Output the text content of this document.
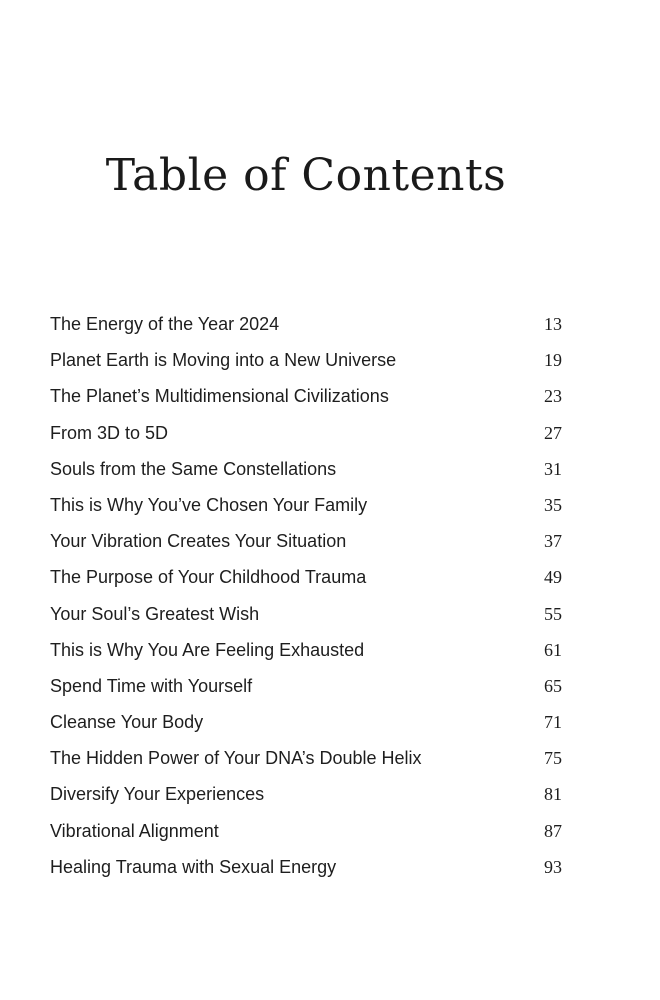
Table of Contents
The Energy of the Year 2024	13
Planet Earth is Moving into a New Universe	19
The Planet’s Multidimensional Civilizations	23
From 3D to 5D	27
Souls from the Same Constellations	31
This is Why You’ve Chosen Your Family	35
Your Vibration Creates Your Situation	37
The Purpose of Your Childhood Trauma	49
Your Soul’s Greatest Wish	55
This is Why You Are Feeling Exhausted	61
Spend Time with Yourself	65
Cleanse Your Body	71
The Hidden Power of Your DNA’s Double Helix	75
Diversify Your Experiences	81
Vibrational Alignment	87
Healing Trauma with Sexual Energy	93
